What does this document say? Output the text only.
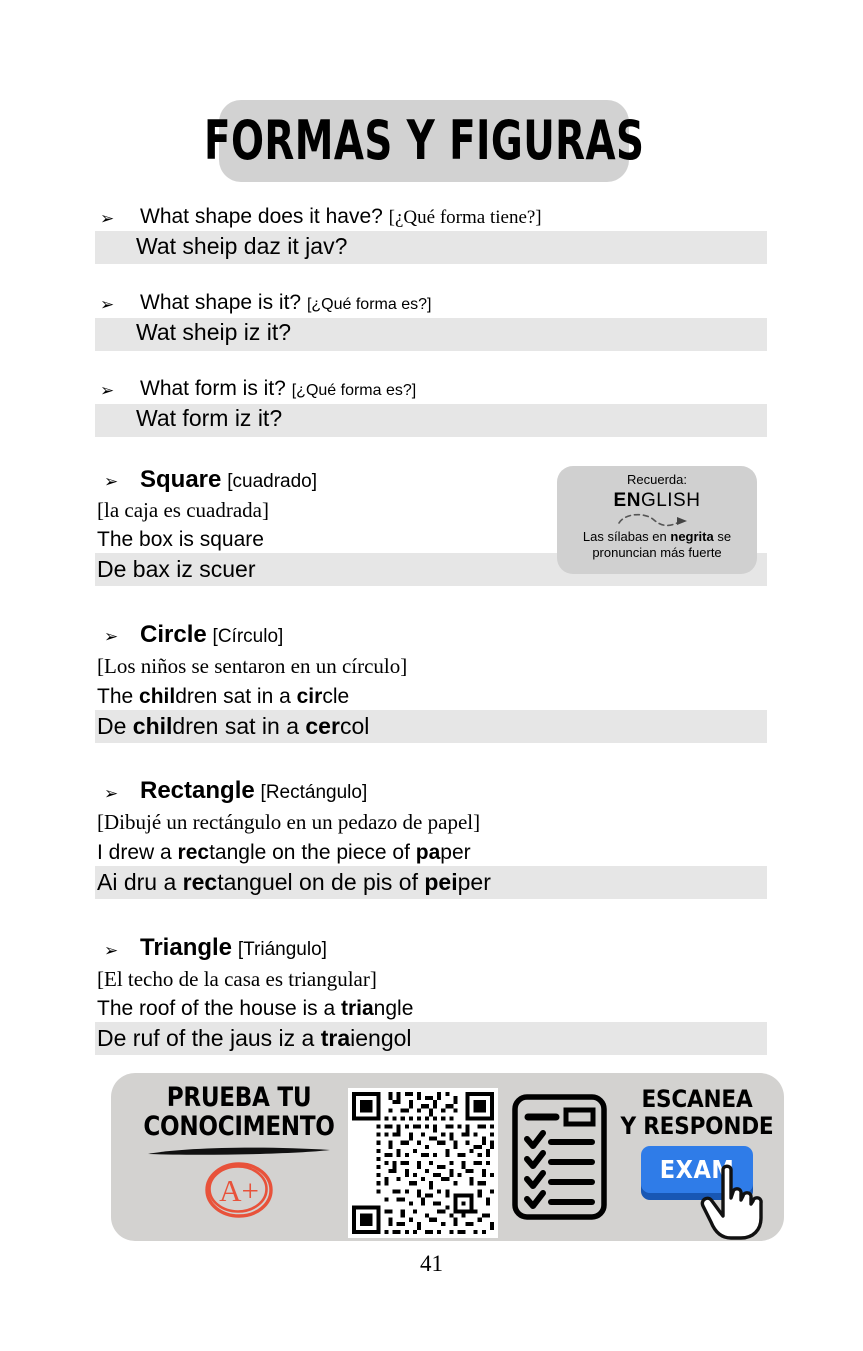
FORMAS Y FIGURAS
➢ What shape does it have? [¿Qué forma tiene?]
Wat sheip daz it jav?
➢ What shape is it? [¿Qué forma es?]
Wat sheip iz it?
➢ What form is it? [¿Qué forma es?]
Wat form iz it?
➢ Square [cuadrado]
[la caja es cuadrada]
The box is square
De bax iz scuer
Recuerda:
ENGLISH
Las sílabas en negrita se
pronuncian más fuerte
➢ Circle [Círculo]
[Los niños se sentaron en un círculo]
The children sat in a circle
De children sat in a cercol
➢ Rectangle [Rectángulo]
[Dibujé un rectángulo en un pedazo de papel]
I drew a rectangle on the piece of paper
Ai dru a rectanguel on de pis of peiper
➢ Triangle [Triángulo]
[El techo de la casa es triangular]
The roof of the house is a triangle
De ruf of the jaus iz a traiengol
PRUEBA TU
CONOCIMENTO
A+
ESCANEA
Y RESPONDE
EXAM
41
